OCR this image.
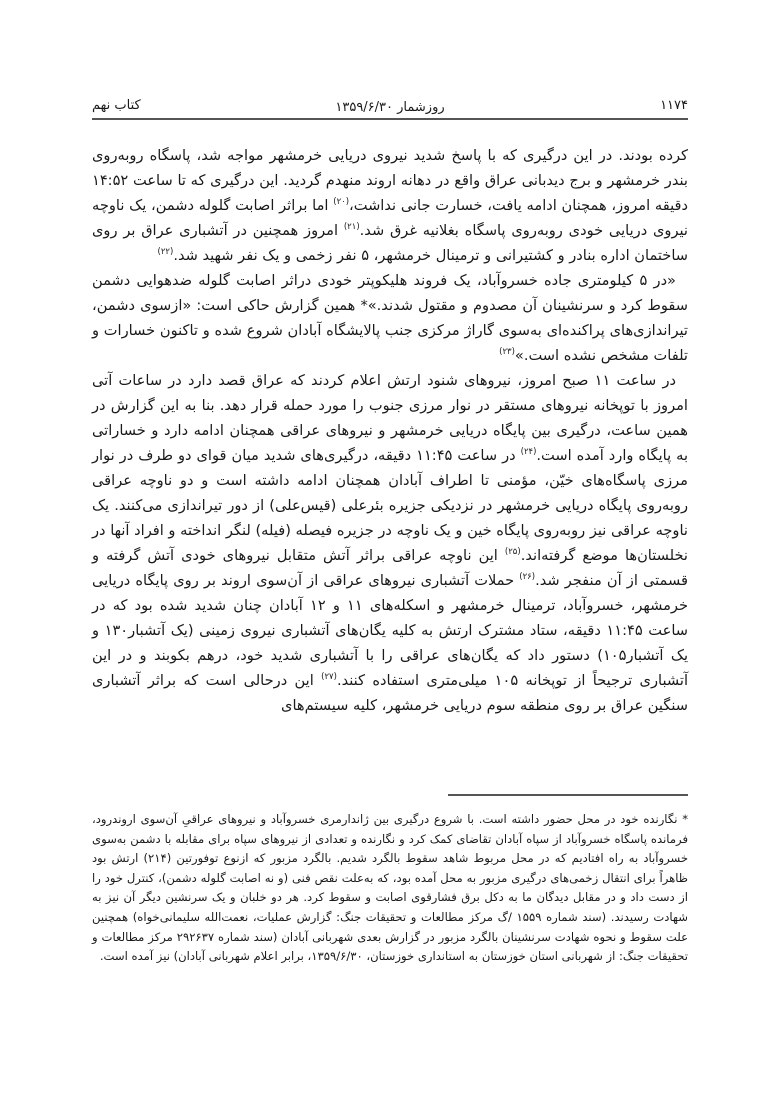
۱۱۷۴
روزشمار ۱۳۵۹/۶/۳۰
کتاب نهم

کرده بودند. در این درگیری که با پاسخ شدید نیروی دریایی خرمشهر مواجه شد، پاسگاه روبه‌روی بندر خرمشهر و برج دیدبانی عراق واقع در دهانه اروند منهدم گردید. این درگیری که تا ساعت ۱۴:۵۲ دقیقه امروز، همچنان ادامه یافت، خسارت جانی نداشت،$^{(۲۰)}$ اما براثر اصابت گلوله دشمن، یک ناوچه نیروی دریایی خودی روبه‌روی پاسگاه بغلانیه غرق شد.$^{(۲۱)}$ امروز همچنین در آتشباری عراق بر روی ساختمان اداره بنادر و کشتیرانی و ترمینال خرمشهر، ۵ نفر زخمی و یک نفر شهید شد.$^{(۲۲)}$

«در ۵ کیلومتری جاده خسروآباد، یک فروند هلیکوپتر خودی دراثر اصابت گلوله ضدهوایی دشمن سقوط کرد و سرنشینان آن مصدوم و مقتول شدند.»* همین گزارش حاکی است: «ازسوی دشمن، تیراندازی‌های پراکنده‌ای به‌سوی گاراژ مرکزی جنب پالایشگاه آبادان شروع شده و تاکنون خسارات و تلفات مشخص نشده است.»$^{(۲۳)}$

در ساعت ۱۱ صبح امروز، نیروهای شنود ارتش اعلام کردند که عراق قصد دارد در ساعات آتی امروز با توپخانه نیروهای مستقر در نوار مرزی جنوب را مورد حمله قرار دهد. بنا به این گزارش در همین ساعت، درگیری بین پایگاه دریایی خرمشهر و نیروهای عراقی همچنان ادامه دارد و خساراتی به پایگاه وارد آمده است.$^{(۲۴)}$ در ساعت ۱۱:۴۵ دقیقه، درگیری‌های شدید میان قوای دو طرف در نوار مرزی پاسگاه‌های خیّن، مؤمنی تا اطراف آبادان همچنان ادامه داشته است و دو ناوچه عراقی روبه‌روی پایگاه دریایی خرمشهر در نزدیکی جزیره بئرعلی (قیس‌علی) از دور تیراندازی می‌کنند. یک ناوچه عراقی نیز روبه‌روی پایگاه خین و یک ناوچه در جزیره فیصله (فیله) لنگر انداخته و افراد آنها در نخلستان‌ها موضع گرفته‌اند.$^{(۲۵)}$ این ناوچه عراقی براثر آتش متقابل نیروهای خودی آتش گرفته و قسمتی از آن منفجر شد.$^{(۲۶)}$ حملات آتشباری نیروهای عراقی از آن‌سوی اروند بر روی پایگاه دریایی خرمشهر، خسروآباد، ترمینال خرمشهر و اسکله‌های ۱۱ و ۱۲ آبادان چنان شدید شده بود که در ساعت ۱۱:۴۵ دقیقه، ستاد مشترک ارتش به کلیه یگان‌های آتشباری نیروی زمینی (یک آتشبار۱۳۰ و یک آتشبار۱۰۵) دستور داد که یگان‌های عراقی را با آتشباری شدید خود، درهم بکوبند و در این آتشباری ترجیحاً از توپخانه ۱۰۵ میلی‌متری استفاده کنند.$^{(۲۷)}$ این درحالی است که براثر آتشباری سنگین عراق بر روی منطقه سوم دریایی خرمشهر، کلیه سیستم‌های

* نگارنده خود در محل حضور داشته است. با شروع درگیری بین ژاندارمری خسروآباد و نیروهای عراقیِ آن‌سوی اروندرود، فرمانده پاسگاه خسروآباد از سپاه آبادان تقاضای کمک کرد و نگارنده و تعدادی از نیروهای سپاه برای مقابله با دشمن به‌سوی خسروآباد به راه افتادیم که در محل مربوط شاهد سقوط بالگرد شدیم. بالگرد مزبور که ازنوع توفورتین (۲۱۴) ارتش بود ظاهراً برای انتقال زخمی‌های درگیری مزبور به محل آمده بود، که به‌علت نقص فنی (و نه اصابت گلوله دشمن)، کنترل خود را از دست داد و در مقابل دیدگان ما به دکل برق فشارقوی اصابت و سقوط کرد. هر دو خلبان و یک سرنشین دیگر آن نیز به شهادت رسیدند. (سند شماره ۱۵۵۹ /گ مرکز مطالعات و تحقیقات جنگ: گزارش عملیات، نعمت‌الله سلیمانی‌خواه) همچنین علت سقوط و نحوه شهادت سرنشینان بالگرد مزبور در گزارش بعدی شهربانی آبادان (سند شماره ۲۹۲۶۳۷ مرکز مطالعات و تحقیقات جنگ: از شهربانی استان خوزستان به استانداری خوزستان، ۱۳۵۹/۶/۳۰، برابر اعلام شهربانی آبادان) نیز آمده است.
